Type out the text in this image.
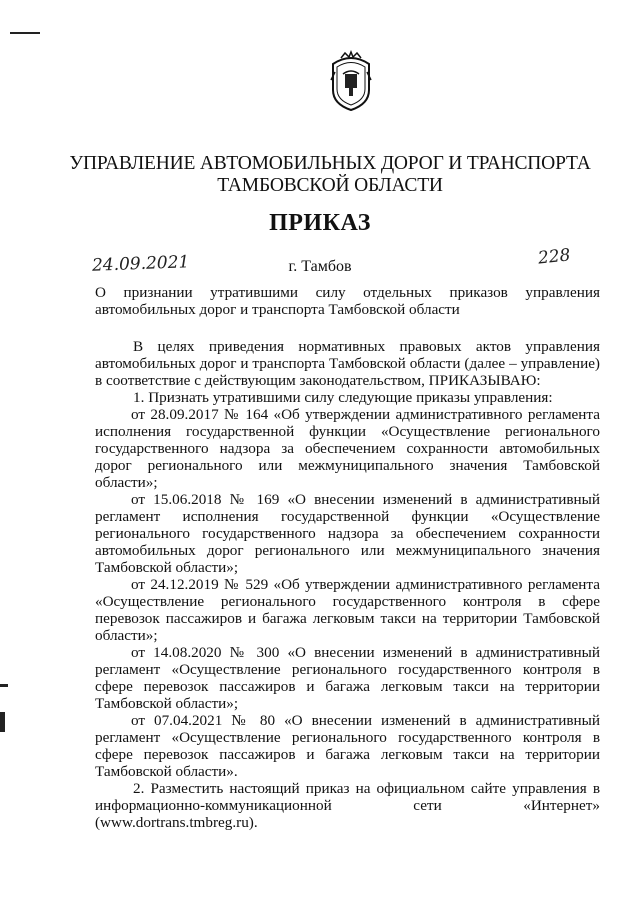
УПРАВЛЕНИЕ АВТОМОБИЛЬНЫХ ДОРОГ И ТРАНСПОРТА
ТАМБОВСКОЙ ОБЛАСТИ
ПРИКАЗ
24.09.2021	г. Тамбов	228
О признании утратившими силу отдельных приказов управления автомобильных дорог и транспорта Тамбовской области

В целях приведения нормативных правовых актов управления автомобильных дорог и транспорта Тамбовской области (далее – управление) в соответствие с действующим законодательством, ПРИКАЗЫВАЮ:

1. Признать утратившими силу следующие приказы управления:

от 28.09.2017 № 164 «Об утверждении административного регламента исполнения государственной функции «Осуществление регионального государственного надзора за обеспечением сохранности автомобильных дорог регионального или межмуниципального значения Тамбовской области»;

от 15.06.2018 № 169 «О внесении изменений в административный регламент исполнения государственной функции «Осуществление регионального государственного надзора за обеспечением сохранности автомобильных дорог регионального или межмуниципального значения Тамбовской области»;

от 24.12.2019 № 529 «Об утверждении административного регламента «Осуществление регионального государственного контроля в сфере перевозок пассажиров и багажа легковым такси на территории Тамбовской области»;

от 14.08.2020 № 300 «О внесении изменений в административный регламент «Осуществление регионального государственного контроля в сфере перевозок пассажиров и багажа легковым такси на территории Тамбовской области»;

от 07.04.2021 № 80 «О внесении изменений в административный регламент «Осуществление регионального государственного контроля в сфере перевозок пассажиров и багажа легковым такси на территории Тамбовской области».

2. Разместить настоящий приказ на официальном сайте управления в информационно-коммуникационной сети «Интернет» (www.dortrans.tmbreg.ru).
